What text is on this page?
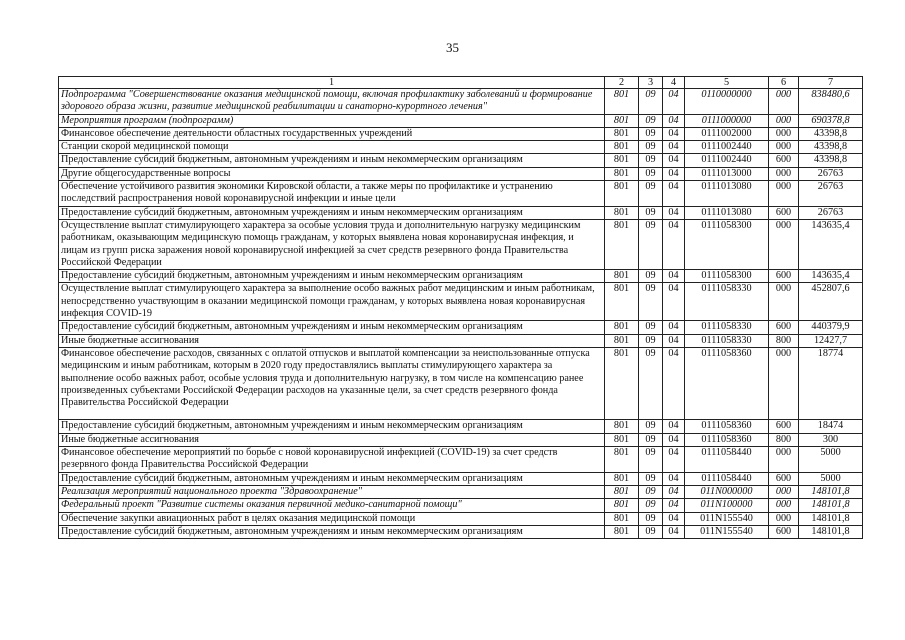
35
1	2	3	4	5	6	7
Подпрограмма "Совершенствование оказания медицинской помощи, включая профилактику заболеваний и формирование здорового образа жизни, развитие медицинской реабилитации и санаторно-курортного лечения"	801	09	04	0110000000	000	838480,6
Мероприятия программ (подпрограмм)	801	09	04	0111000000	000	690378,8
Финансовое обеспечение деятельности областных государственных учреждений	801	09	04	0111002000	000	43398,8
Станции скорой медицинской помощи	801	09	04	0111002440	000	43398,8
Предоставление субсидий бюджетным, автономным учреждениям и иным некоммерческим организациям	801	09	04	0111002440	600	43398,8
Другие общегосударственные вопросы	801	09	04	0111013000	000	26763
Обеспечение устойчивого развития экономики Кировской области, а также меры по профилактике и устранению последствий распространения новой коронавирусной инфекции и иные цели	801	09	04	0111013080	000	26763
Предоставление субсидий бюджетным, автономным учреждениям и иным некоммерческим организациям	801	09	04	0111013080	600	26763
Осуществление выплат стимулирующего характера за особые условия труда и дополнительную нагрузку медицинским работникам, оказывающим медицинскую помощь гражданам, у которых выявлена новая коронавирусная инфекция, и лицам из групп риска заражения новой коронавирусной инфекцией за счет средств резервного фонда Правительства Российской Федерации	801	09	04	0111058300	000	143635,4
Предоставление субсидий бюджетным, автономным учреждениям и иным некоммерческим организациям	801	09	04	0111058300	600	143635,4
Осуществление выплат стимулирующего характера за выполнение особо важных работ медицинским и иным работникам, непосредственно участвующим в оказании медицинской помощи гражданам, у которых выявлена новая коронавирусная инфекция COVID-19	801	09	04	0111058330	000	452807,6
Предоставление субсидий бюджетным, автономным учреждениям и иным некоммерческим организациям	801	09	04	0111058330	600	440379,9
Иные бюджетные ассигнования	801	09	04	0111058330	800	12427,7
Финансовое обеспечение расходов, связанных с оплатой отпусков и выплатой компенсации за неиспользованные отпуска медицинским и иным работникам, которым в 2020 году предоставлялись выплаты стимулирующего характера за выполнение особо важных работ, особые условия труда и дополнительную нагрузку, в том числе на компенсацию ранее произведенных субъектами Российской Федерации расходов на указанные цели, за счет средств резервного фонда Правительства Российской Федерации	801	09	04	0111058360	000	18774
Предоставление субсидий бюджетным, автономным учреждениям и иным некоммерческим организациям	801	09	04	0111058360	600	18474
Иные бюджетные ассигнования	801	09	04	0111058360	800	300
Финансовое обеспечение мероприятий по борьбе с новой коронавирусной инфекцией (COVID-19) за счет средств резервного фонда Правительства Российской Федерации	801	09	04	0111058440	000	5000
Предоставление субсидий бюджетным, автономным учреждениям и иным некоммерческим организациям	801	09	04	0111058440	600	5000
Реализация мероприятий национального проекта "Здравоохранение"	801	09	04	011N000000	000	148101,8
Федеральный проект "Развитие системы оказания первичной медико-санитарной помощи"	801	09	04	011N100000	000	148101,8
Обеспечение закупки авиационных работ в целях оказания медицинской помощи	801	09	04	011N155540	000	148101,8
Предоставление субсидий бюджетным, автономным учреждениям и иным некоммерческим организациям	801	09	04	011N155540	600	148101,8
